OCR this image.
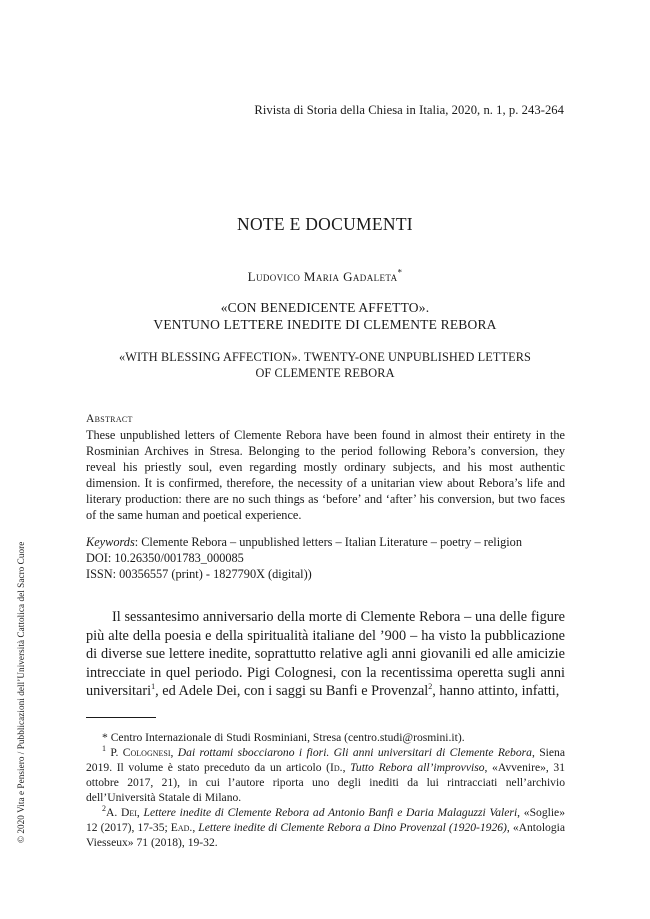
Rivista di Storia della Chiesa in Italia, 2020, n. 1, p. 243-264
NOTE E DOCUMENTI
Ludovico Maria Gadaleta*
«CON BENEDICENTE AFFETTO».
VENTUNO LETTERE INEDITE DI CLEMENTE REBORA
«WITH BLESSING AFFECTION». TWENTY-ONE UNPUBLISHED LETTERS
OF CLEMENTE REBORA
Abstract

These unpublished letters of Clemente Rebora have been found in almost their entirety in the Rosminian Archives in Stresa. Belonging to the period following Rebora’s conversion, they reveal his priestly soul, even regarding mostly ordinary subjects, and his most authentic dimension. It is confirmed, therefore, the necessity of a unitarian view about Rebora’s life and literary production: there are no such things as ‘before’ and ‘after’ his conversion, but two faces of the same human and poetical experience.

Keywords: Clemente Rebora – unpublished letters – Italian Literature – poetry – religion
DOI: 10.26350/001783_000085
ISSN: 00356557 (print) - 1827790X (digital))

Il sessantesimo anniversario della morte di Clemente Rebora – una delle figure più alte della poesia e della spiritualità italiane del ’900 – ha visto la pubblicazione di diverse sue lettere inedite, soprattutto relative agli anni giovanili ed alle amicizie intrecciate in quel periodo. Pigi Colognesi, con la recentissima operetta sugli anni universitari$^1$, ed Adele Dei, con i saggi su Banfi e Provenzal$^2$, hanno attinto, infatti,

* Centro Internazionale di Studi Rosminiani, Stresa (centro.studi@rosmini.it).

$^1$ P. Colognesi, Dai rottami sbocciarono i fiori. Gli anni universitari di Clemente Rebora, Siena 2019. Il volume è stato preceduto da un articolo (Id., Tutto Rebora all’improvviso, «Avvenire», 31 ottobre 2017, 21), in cui l’autore riporta uno degli inediti da lui rintracciati nell’archivio dell’Università Statale di Milano.

$^2$A. Dei, Lettere inedite di Clemente Rebora ad Antonio Banfi e Daria Malaguzzi Valeri, «Soglie» 12 (2017), 17-35; Ead., Lettere inedite di Clemente Rebora a Dino Provenzal (1920-1926), «Antologia Viesseux» 71 (2018), 19-32.

© 2020 Vita e Pensiero / Pubblicazioni dell’Università Cattolica del Sacro Cuore
